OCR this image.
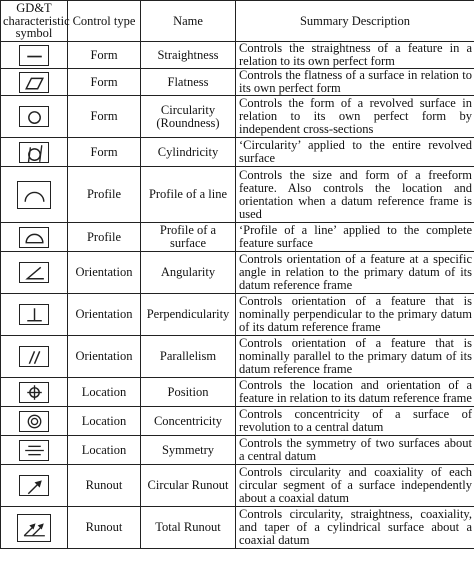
GD&T characteristic symbol	Control type	Name	Summary Description

	Form	Straightness	Controls the straightness of a feature in a relation to its own perfect form

	Form	Flatness	Controls the flatness of a surface in relation to its own perfect form

	Form	Circularity (Roundness)	Controls the form of a revolved surface in relation to its own perfect form by independent cross-sections

	Form	Cylindricity	‘Circularity’ applied to the entire revolved surface

	Profile	Profile of a line	Controls the size and form of a freeform feature. Also controls the location and orientation when a datum reference frame is used

	Profile	Profile of a surface	‘Profile of a line’ applied to the complete feature surface

	Orientation	Angularity	Controls orientation of a feature at a specific angle in relation to the primary datum of its datum reference frame

	Orientation	Perpendicularity	Controls orientation of a feature that is nominally perpendicular to the primary datum of its datum reference frame

	Orientation	Parallelism	Controls orientation of a feature that is nominally parallel to the primary datum of its datum reference frame

	Location	Position	Controls the location and orientation of a feature in relation to its datum reference frame

	Location	Concentricity	Controls concentricity of a surface of revolution to a central datum

	Location	Symmetry	Controls the symmetry of two surfaces about a central datum

	Runout	Circular Runout	Controls circularity and coaxiality of each circular segment of a surface independently about a coaxial datum

	Runout	Total Runout	Controls circularity, straightness, coaxiality, and taper of a cylindrical surface about a coaxial datum
